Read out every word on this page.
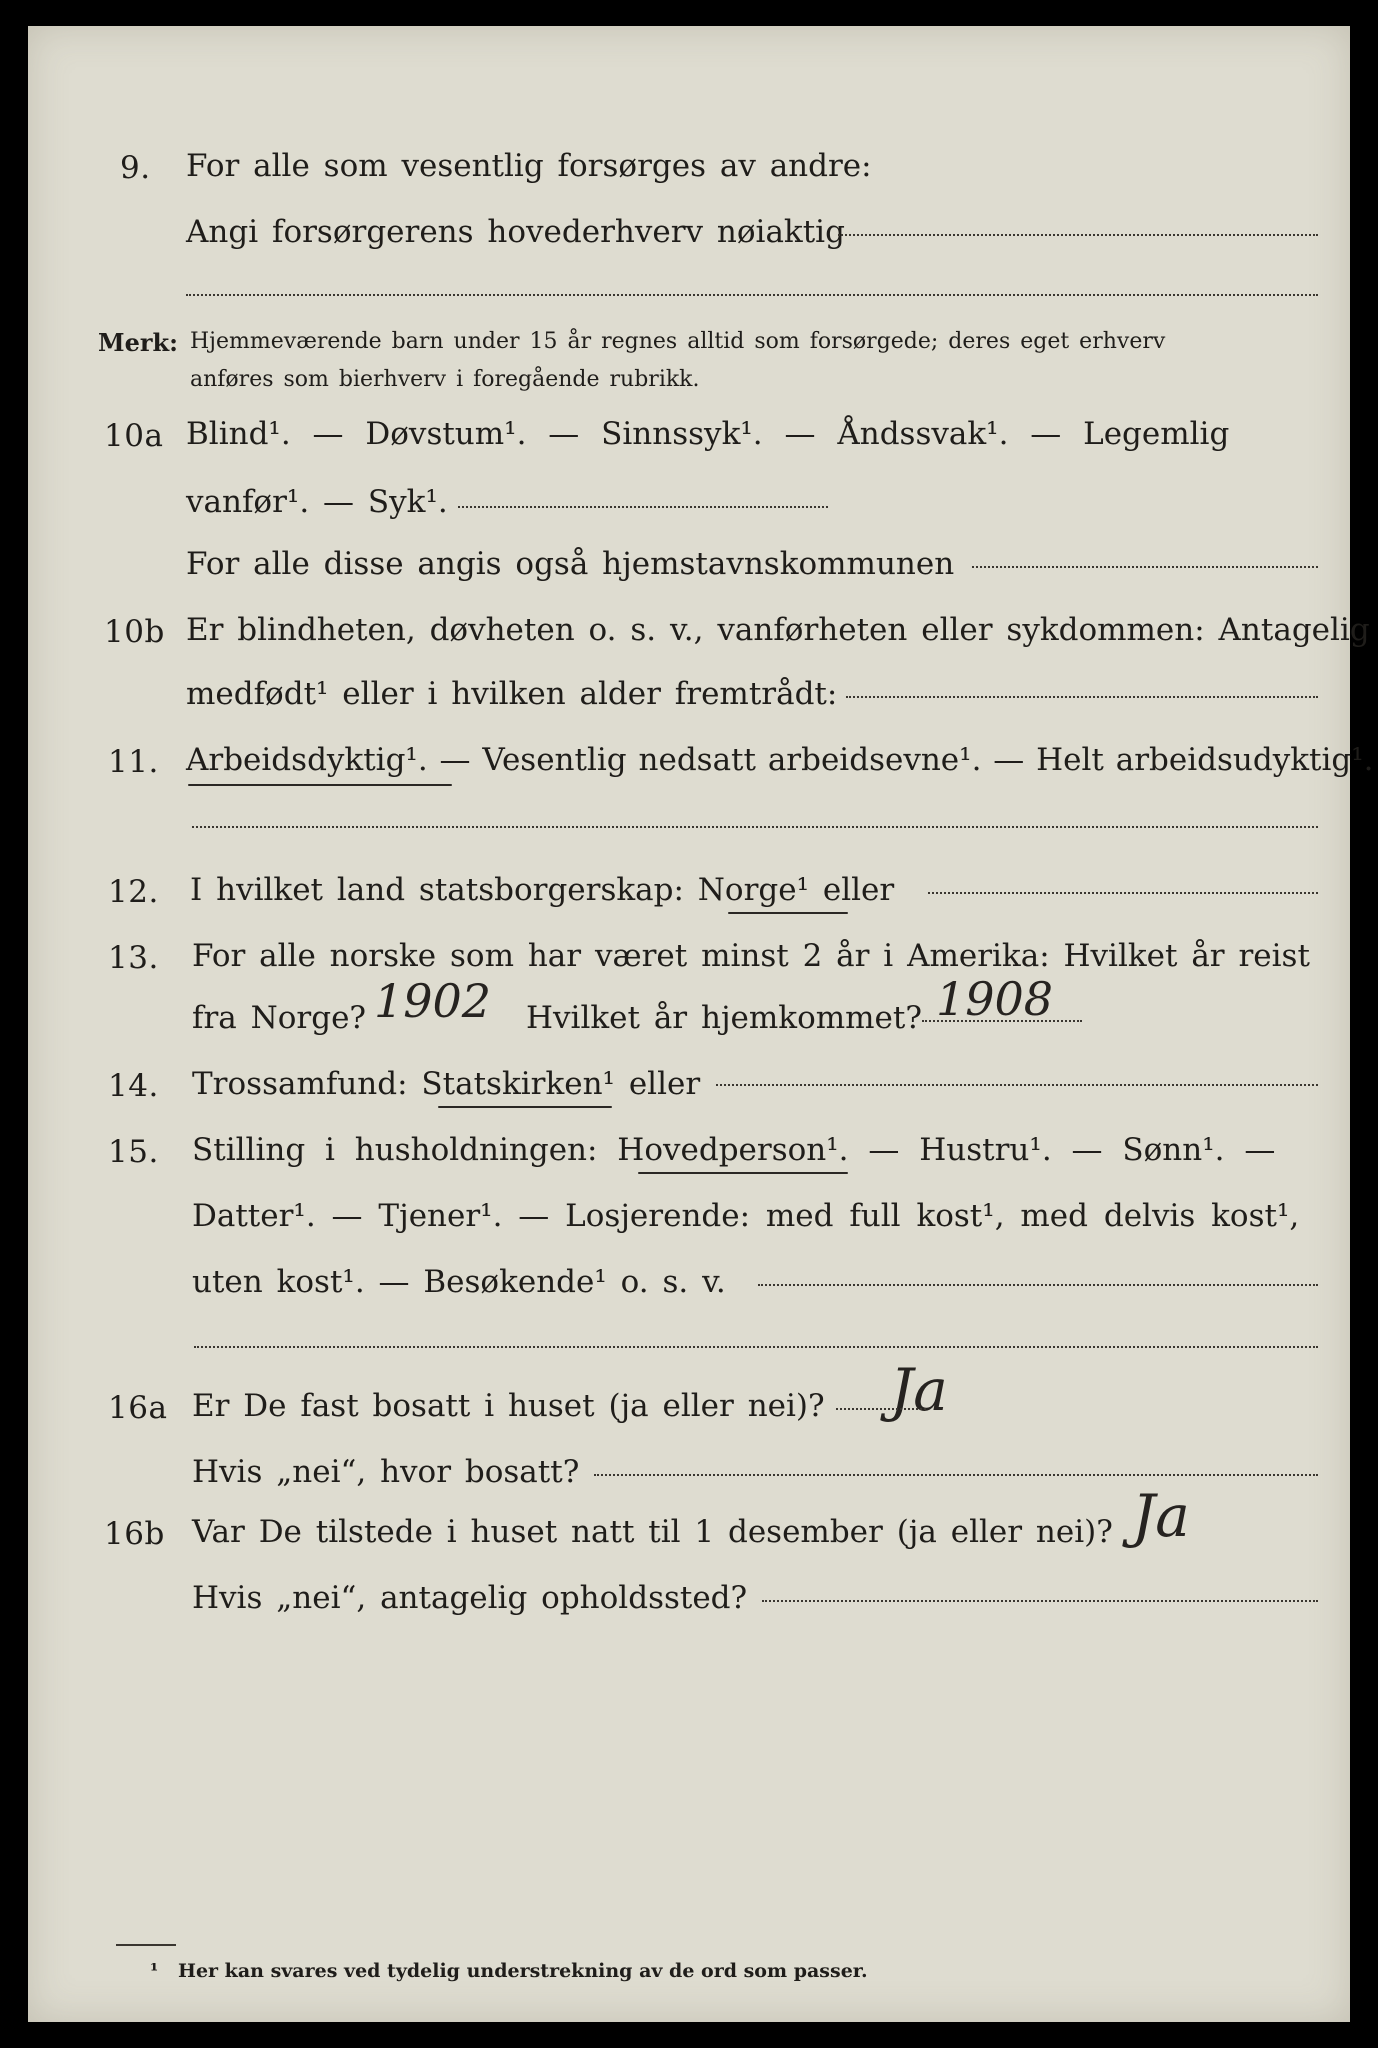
9. For alle som vesentlig forsørges av andre:
Angi forsørgerens hovederhverv nøiaktig
Merk: Hjemmeværende barn under 15 år regnes alltid som forsørgede; deres eget erhverv
anføres som bierhverv i foregående rubrikk.
10a Blind¹. — Døvstum¹. — Sinnssyk¹. — Åndssvak¹. — Legemlig
vanfør¹. — Syk¹.
For alle disse angis også hjemstavnskommunen
10b Er blindheten, døvheten o. s. v., vanførheten eller sykdommen: Antagelig
medfødt¹ eller i hvilken alder fremtrådt:
11. Arbeidsdyktig¹. — Vesentlig nedsatt arbeidsevne¹. — Helt arbeidsudyktig¹.
12. I hvilket land statsborgerskap: Norge¹ eller
13. For alle norske som har været minst 2 år i Amerika: Hvilket år reist
fra Norge? 1902 Hvilket år hjemkommet? 1908
14. Trossamfund: Statskirken¹ eller
15. Stilling i husholdningen: Hovedperson¹. — Hustru¹. — Sønn¹. —
Datter¹. — Tjener¹. — Losjerende: med full kost¹, med delvis kost¹,
uten kost¹. — Besøkende¹ o. s. v.
16a Er De fast bosatt i huset (ja eller nei)? Ja
Hvis „nei“, hvor bosatt?
16b Var De tilstede i huset natt til 1 desember (ja eller nei)? Ja
Hvis „nei“, antagelig opholdssted?
¹ Her kan svares ved tydelig understrekning av de ord som passer.
